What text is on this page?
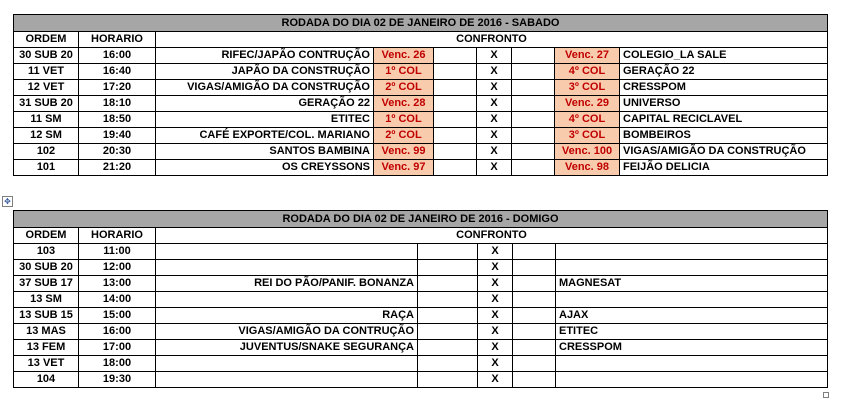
✥
RODADA DO DIA 02 DE JANEIRO DE 2016 - SABADO								
ORDEM	HORARIO	CONFRONTO						
30 SUB 20	16:00	RIFEC/JAPÃO CONTRUÇÃO	Venc. 26		X		Venc. 27	COLEGIO_LA SALE
11 VET	16:40	JAPÃO DA CONSTRUÇÃO	1º COL		X		4º COL	GERAÇÃO 22
12 VET	17:20	VIGAS/AMIGÃO DA CONSTRUÇÃO	2º COL		X		3º COL	CRESSPOM
31 SUB 20	18:10	GERAÇÃO 22	Venc. 28		X		Venc. 29	UNIVERSO
11 SM	18:50	ETITEC	1º COL		X		4º COL	CAPITAL RECICLAVEL
12 SM	19:40	CAFÉ EXPORTE/COL. MARIANO	2º COL		X		3º COL	BOMBEIROS
102	20:30	SANTOS BAMBINA	Venc. 99		X		Venc. 100	VIGAS/AMIGÃO DA CONSTRUÇÃO
101	21:20	OS CREYSSONS	Venc. 97		X		Venc. 98	FEIJÃO DELICIA
RODADA DO DIA 02 DE JANEIRO DE 2016 - DOMIGO						
ORDEM	HORARIO	CONFRONTO				
103	11:00			X		
30 SUB 20	12:00			X		
37 SUB 17	13:00	REI DO PÃO/PANIF. BONANZA		X		MAGNESAT
13 SM	14:00			X		
13 SUB 15	15:00	RAÇA		X		AJAX
13 MAS	16:00	VIGAS/AMIGÃO DA CONTRUÇÃO		X		ETITEC
13 FEM	17:00	JUVENTUS/SNAKE SEGURANÇA		X		CRESSPOM
13 VET	18:00			X		
104	19:30			X		
